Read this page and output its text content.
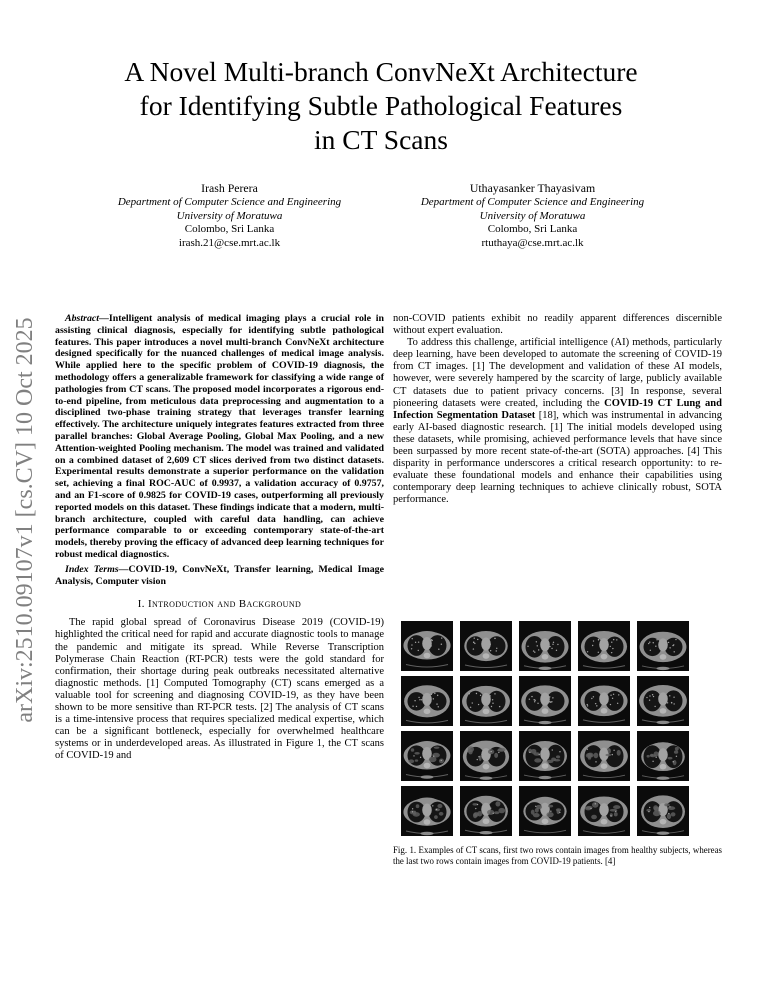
arXiv:2510.09107v1 [cs.CV] 10 Oct 2025
A Novel Multi-branch ConvNeXt Architecture
for Identifying Subtle Pathological Features
in CT Scans
Irash Perera
Department of Computer Science and Engineering
University of Moratuwa
Colombo, Sri Lanka
irash.21@cse.mrt.ac.lk
Uthayasanker Thayasivam
Department of Computer Science and Engineering
University of Moratuwa
Colombo, Sri Lanka
rtuthaya@cse.mrt.ac.lk

Abstract—Intelligent analysis of medical imaging plays a crucial role in assisting clinical diagnosis, especially for identifying subtle pathological features. This paper introduces a novel multi-branch ConvNeXt architecture designed specifically for the nuanced challenges of medical image analysis. While applied here to the specific problem of COVID-19 diagnosis, the methodology offers a generalizable framework for classifying a wide range of pathologies from CT scans. The proposed model incorporates a rigorous end-to-end pipeline, from meticulous data preprocessing and augmentation to a disciplined two-phase training strategy that leverages transfer learning effectively. The architecture uniquely integrates features extracted from three parallel branches: Global Average Pooling, Global Max Pooling, and a new Attention-weighted Pooling mechanism. The model was trained and validated on a combined dataset of 2,609 CT slices derived from two distinct datasets. Experimental results demonstrate a superior performance on the validation set, achieving a final ROC-AUC of 0.9937, a validation accuracy of 0.9757, and an F1-score of 0.9825 for COVID-19 cases, outperforming all previously reported models on this dataset. These findings indicate that a modern, multi-branch architecture, coupled with careful data handling, can achieve performance comparable to or exceeding contemporary state-of-the-art models, thereby proving the efficacy of advanced deep learning techniques for robust medical diagnostics.

Index Terms—COVID-19, ConvNeXt, Transfer learning, Medical Image Analysis, Computer vision

I. Introduction and Background

The rapid global spread of Coronavirus Disease 2019 (COVID-19) highlighted the critical need for rapid and accurate diagnostic tools to manage the pandemic and mitigate its spread. While Reverse Transcription Polymerase Chain Reaction (RT-PCR) tests were the gold standard for confirmation, their shortage during peak outbreaks necessitated alternative diagnostic methods. [1] Computed Tomography (CT) scans emerged as a valuable tool for screening and diagnosing COVID-19, as they have been shown to be more sensitive than RT-PCR tests. [2] The analysis of CT scans is a time-intensive process that requires specialized medical expertise, which can be a significant bottleneck, especially for overwhelmed healthcare systems or in underdeveloped areas. As illustrated in Figure 1, the CT scans of COVID-19 and

non-COVID patients exhibit no readily apparent differences discernible without expert evaluation.

To address this challenge, artificial intelligence (AI) methods, particularly deep learning, have been developed to automate the screening of COVID-19 from CT images. [1] The development and validation of these AI models, however, were severely hampered by the scarcity of large, publicly available CT datasets due to patient privacy concerns. [3] In response, several pioneering datasets were created, including the COVID-19 CT Lung and Infection Segmentation Dataset [18], which was instrumental in advancing early AI-based diagnostic research. [1] The initial models developed using these datasets, while promising, achieved performance levels that have since been surpassed by more recent state-of-the-art (SOTA) approaches. [4] This disparity in performance underscores a critical research opportunity: to re-evaluate these foundational models and enhance their capabilities using contemporary deep learning techniques to achieve clinically robust, SOTA performance.

Fig. 1. Examples of CT scans, first two rows contain images from healthy subjects, whereas the last two rows contain images from COVID-19 patients. [4]
